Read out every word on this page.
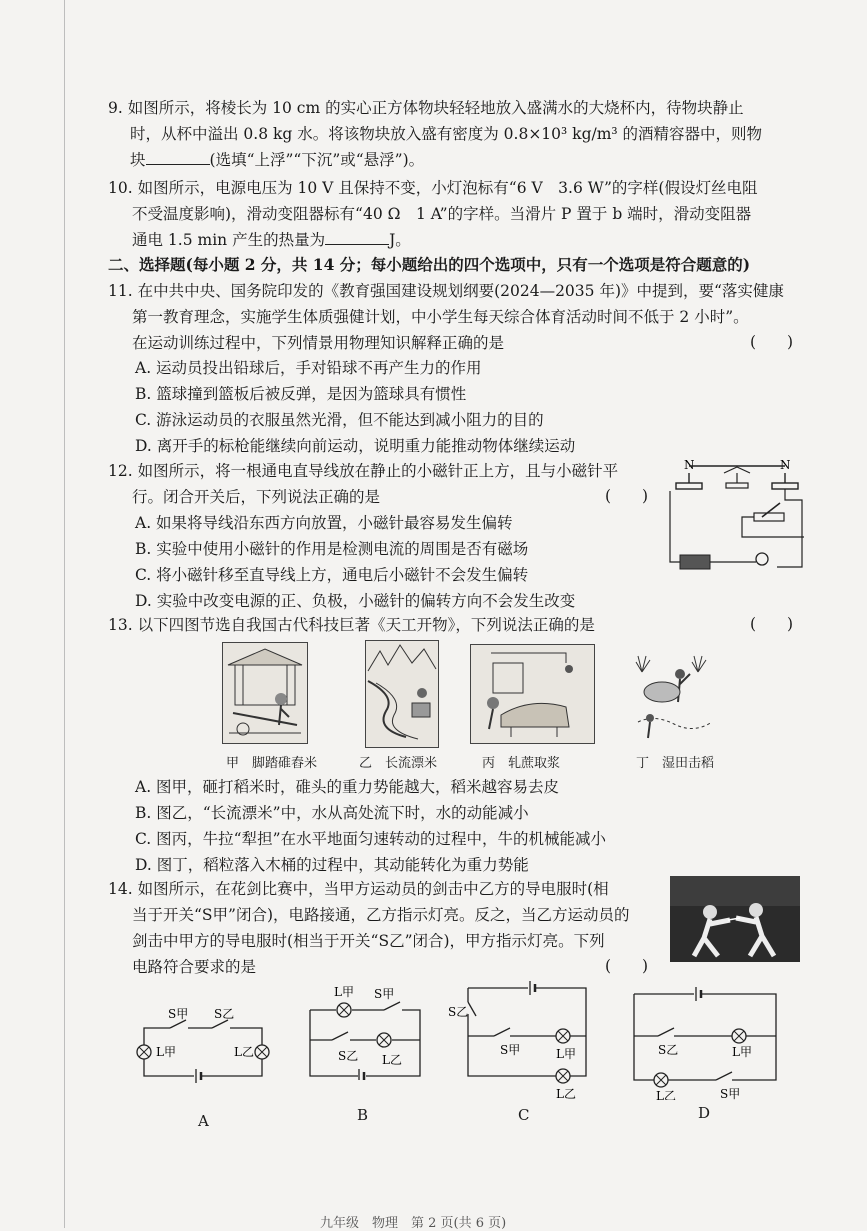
9. 如图所示，将棱长为 10 cm 的实心正方体物块轻轻地放入盛满水的大烧杯内，待物块静止

时，从杯中溢出 0.8 kg 水。将该物块放入盛有密度为 0.8×10³ kg/m³ 的酒精容器中，则物

块	(选填“上浮”“下沉”或“悬浮”)。

10. 如图所示，电源电压为 10 V 且保持不变，小灯泡标有“6 V　3.6 W”的字样(假设灯丝电阻

不受温度影响)，滑动变阻器标有“40 Ω　1 A”的字样。当滑片 P 置于 b 端时，滑动变阻器

通电 1.5 min 产生的热量为	J。

二、选择题(每小题 2 分，共 14 分；每小题给出的四个选项中，只有一个选项是符合题意的)

11. 在中共中央、国务院印发的《教育强国建设规划纲要(2024—2035 年)》中提到，要“落实健康

第一教育理念，实施学生体质强健计划，中小学生每天综合体育活动时间不低于 2 小时”。

在运动训练过程中，下列情景用物理知识解释正确的是	(　　)
A. 运动员投出铅球后，手对铅球不再产生力的作用
B. 篮球撞到篮板后被反弹，是因为篮球具有惯性
C. 游泳运动员的衣服虽然光滑，但不能达到减小阻力的目的
D. 离开手的标枪能继续向前运动，说明重力能推动物体继续运动

12. 如图所示，将一根通电直导线放在静止的小磁针正上方，且与小磁针平

行。闭合开关后，下列说法正确的是	(　　)
A. 如果将导线沿东西方向放置，小磁针最容易发生偏转
B. 实验中使用小磁针的作用是检测电流的周围是否有磁场
C. 将小磁针移至直导线上方，通电后小磁针不会发生偏转
D. 实验中改变电源的正、负极，小磁针的偏转方向不会发生改变
N	N

13. 以下四图节选自我国古代科技巨著《天工开物》，下列说法正确的是	(　　)
甲　脚踏碓舂米	乙　长流漂米	丙　轧蔗取浆	丁　湿田击稻
A. 图甲，砸打稻米时，碓头的重力势能越大，稻米越容易去皮
B. 图乙，“长流漂米”中，水从高处流下时，水的动能减小
C. 图丙，牛拉“犁担”在水平地面匀速转动的过程中，牛的机械能减小
D. 图丁，稻粒落入木桶的过程中，其动能转化为重力势能

14. 如图所示，在花剑比赛中，当甲方运动员的剑击中乙方的导电服时(相

当于开关“S甲”闭合)，电路接通，乙方指示灯亮。反之，当乙方运动员的

剑击中甲方的导电服时(相当于开关“S乙”闭合)，甲方指示灯亮。下列

电路符合要求的是	(　　)
S甲 S乙
L甲	L乙
L甲 S甲
S乙 L乙
S乙
S甲	L甲
L乙
S乙	L甲
L乙	S甲
A	B	C	D
九年级　物理　第 2 页(共 6 页)
